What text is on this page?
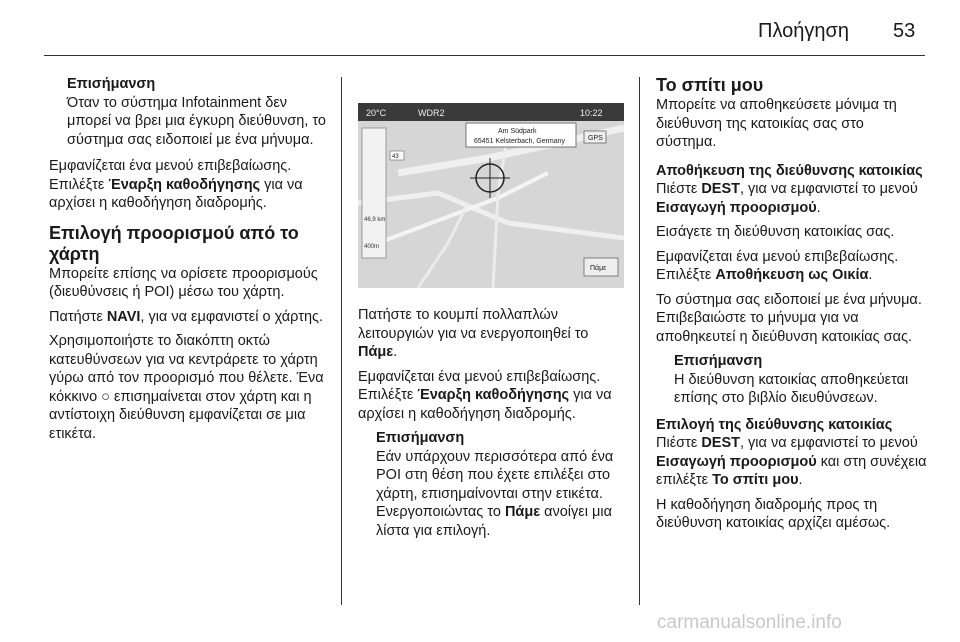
Πλοήγηση 53
Επισήμανση
Όταν το σύστημα Infotainment δεν μπορεί να βρει μια έγκυρη διεύθυνση, το σύστημα σας ειδοποιεί με ένα μήνυμα.

Εμφανίζεται ένα μενού επιβεβαίωσης. Επιλέξτε Έναρξη καθοδήγησης για να αρχίσει η καθοδήγηση διαδρομής.

Επιλογή προορισμού από το χάρτη

Μπορείτε επίσης να ορίσετε προορισμούς (διευθύνσεις ή POI) μέσω του χάρτη.

Πατήστε NAVI, για να εμφανιστεί ο χάρτης.

Χρησιμοποιήστε το διακόπτη οκτώ κατευθύνσεων για να κεντράρετε το χάρτη γύρω από τον προορισμό που θέλετε. Ένα κόκκινο ○ επισημαίνεται στον χάρτη και η αντίστοιχη διεύθυνση εμφανίζεται σε μια ετικέτα.

20°C	WDR2	10:22
46,9 km
400m
Am Südpark
65451 Kelsterbach, Germany	GPS
43
Πάμε

Πατήστε το κουμπί πολλαπλών λειτουργιών για να ενεργοποιηθεί το Πάμε.

Εμφανίζεται ένα μενού επιβεβαίωσης. Επιλέξτε Έναρξη καθοδήγησης για να αρχίσει η καθοδήγηση διαδρομής.

Επισήμανση
Εάν υπάρχουν περισσότερα από ένα POI στη θέση που έχετε επιλέξει στο χάρτη, επισημαίνονται στην ετικέτα. Ενεργοποιώντας το Πάμε ανοίγει μια λίστα για επιλογή.
Το σπίτι μου

Μπορείτε να αποθηκεύσετε μόνιμα τη διεύθυνση της κατοικίας σας στο σύστημα.

Αποθήκευση της διεύθυνσης κατοικίας

Πιέστε DEST, για να εμφανιστεί το μενού Εισαγωγή προορισμού.

Εισάγετε τη διεύθυνση κατοικίας σας.

Εμφανίζεται ένα μενού επιβεβαίωσης. Επιλέξτε Αποθήκευση ως Οικία.

Το σύστημα σας ειδοποιεί με ένα μήνυμα. Επιβεβαιώστε το μήνυμα για να αποθηκευτεί η διεύθυνση κατοικίας σας.

Επισήμανση
Η διεύθυνση κατοικίας αποθηκεύεται επίσης στο βιβλίο διευθύνσεων.
Επιλογή της διεύθυνσης κατοικίας

Πιέστε DEST, για να εμφανιστεί το μενού Εισαγωγή προορισμού και στη συνέχεια επιλέξτε Το σπίτι μου.

Η καθοδήγηση διαδρομής προς τη διεύθυνση κατοικίας αρχίζει αμέσως.

carmanualsonline.info
